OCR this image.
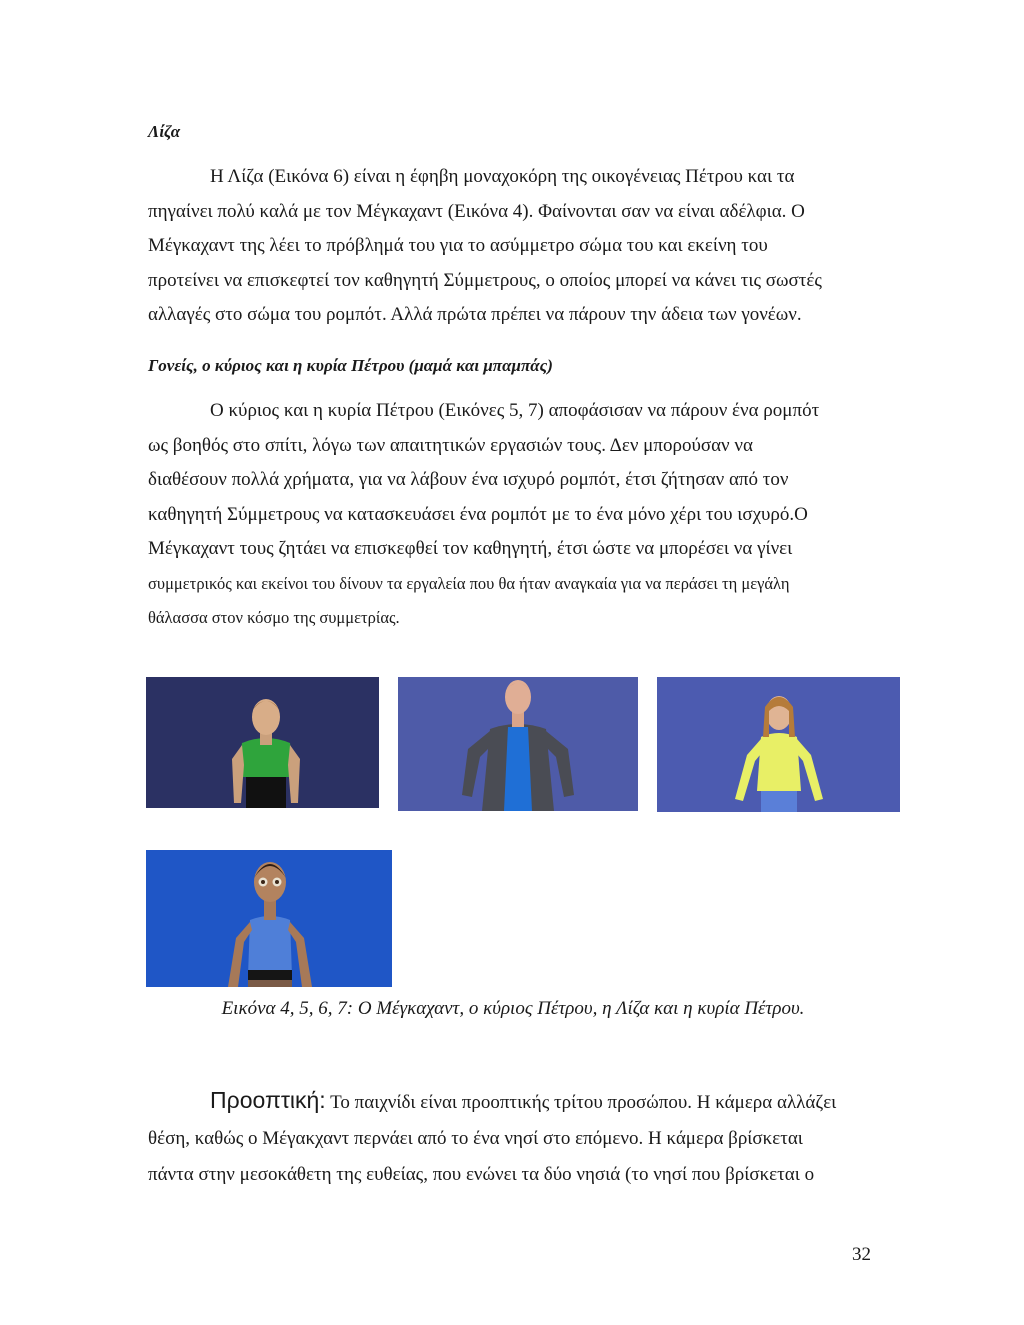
Λίζα

Η Λίζα (Εικόνα 6) είναι η έφηβη μοναχοκόρη της οικογένειας Πέτρου και τα
πηγαίνει πολύ καλά με τον Μέγκαχαντ (Εικόνα 4). Φαίνονται σαν να είναι αδέλφια. Ο
Μέγκαχαντ της λέει το πρόβλημά του για το ασύμμετρο σώμα του και εκείνη του
προτείνει να επισκεφτεί τον καθηγητή Σύμμετρους, ο οποίος μπορεί να κάνει τις σωστές
αλλαγές στο σώμα του ρομπότ. Αλλά πρώτα πρέπει να πάρουν την άδεια των γονέων.

Γονείς, ο κύριος και η κυρία Πέτρου (μαμά και μπαμπάς)

Ο κύριος και η κυρία Πέτρου (Εικόνες 5, 7) αποφάσισαν να πάρουν ένα ρομπότ
ως βοηθός στο σπίτι, λόγω των απαιτητικών εργασιών τους. Δεν μπορούσαν να
διαθέσουν πολλά χρήματα, για να λάβουν ένα ισχυρό ρομπότ, έτσι ζήτησαν από τον
καθηγητή Σύμμετρους να κατασκευάσει ένα ρομπότ με το ένα μόνο χέρι του ισχυρό.Ο
Μέγκαχαντ τους ζητάει να επισκεφθεί τον καθηγητή, έτσι ώστε να μπορέσει να γίνει
συμμετρικός και εκείνοι του δίνουν τα εργαλεία που θα ήταν αναγκαία για να περάσει τη μεγάλη
θάλασσα στον κόσμο της συμμετρίας.

Εικόνα 4, 5, 6, 7: Ο Μέγκαχαντ, ο κύριος Πέτρου, η Λίζα και η κυρία Πέτρου.

Προοπτική: Το παιχνίδι είναι προοπτικής τρίτου προσώπου. Η κάμερα αλλάζει
θέση, καθώς ο Μέγακχαντ περνάει από το ένα νησί στο επόμενο. Η κάμερα βρίσκεται
πάντα στην μεσοκάθετη της ευθείας, που ενώνει τα δύο νησιά (το νησί που βρίσκεται ο

32
